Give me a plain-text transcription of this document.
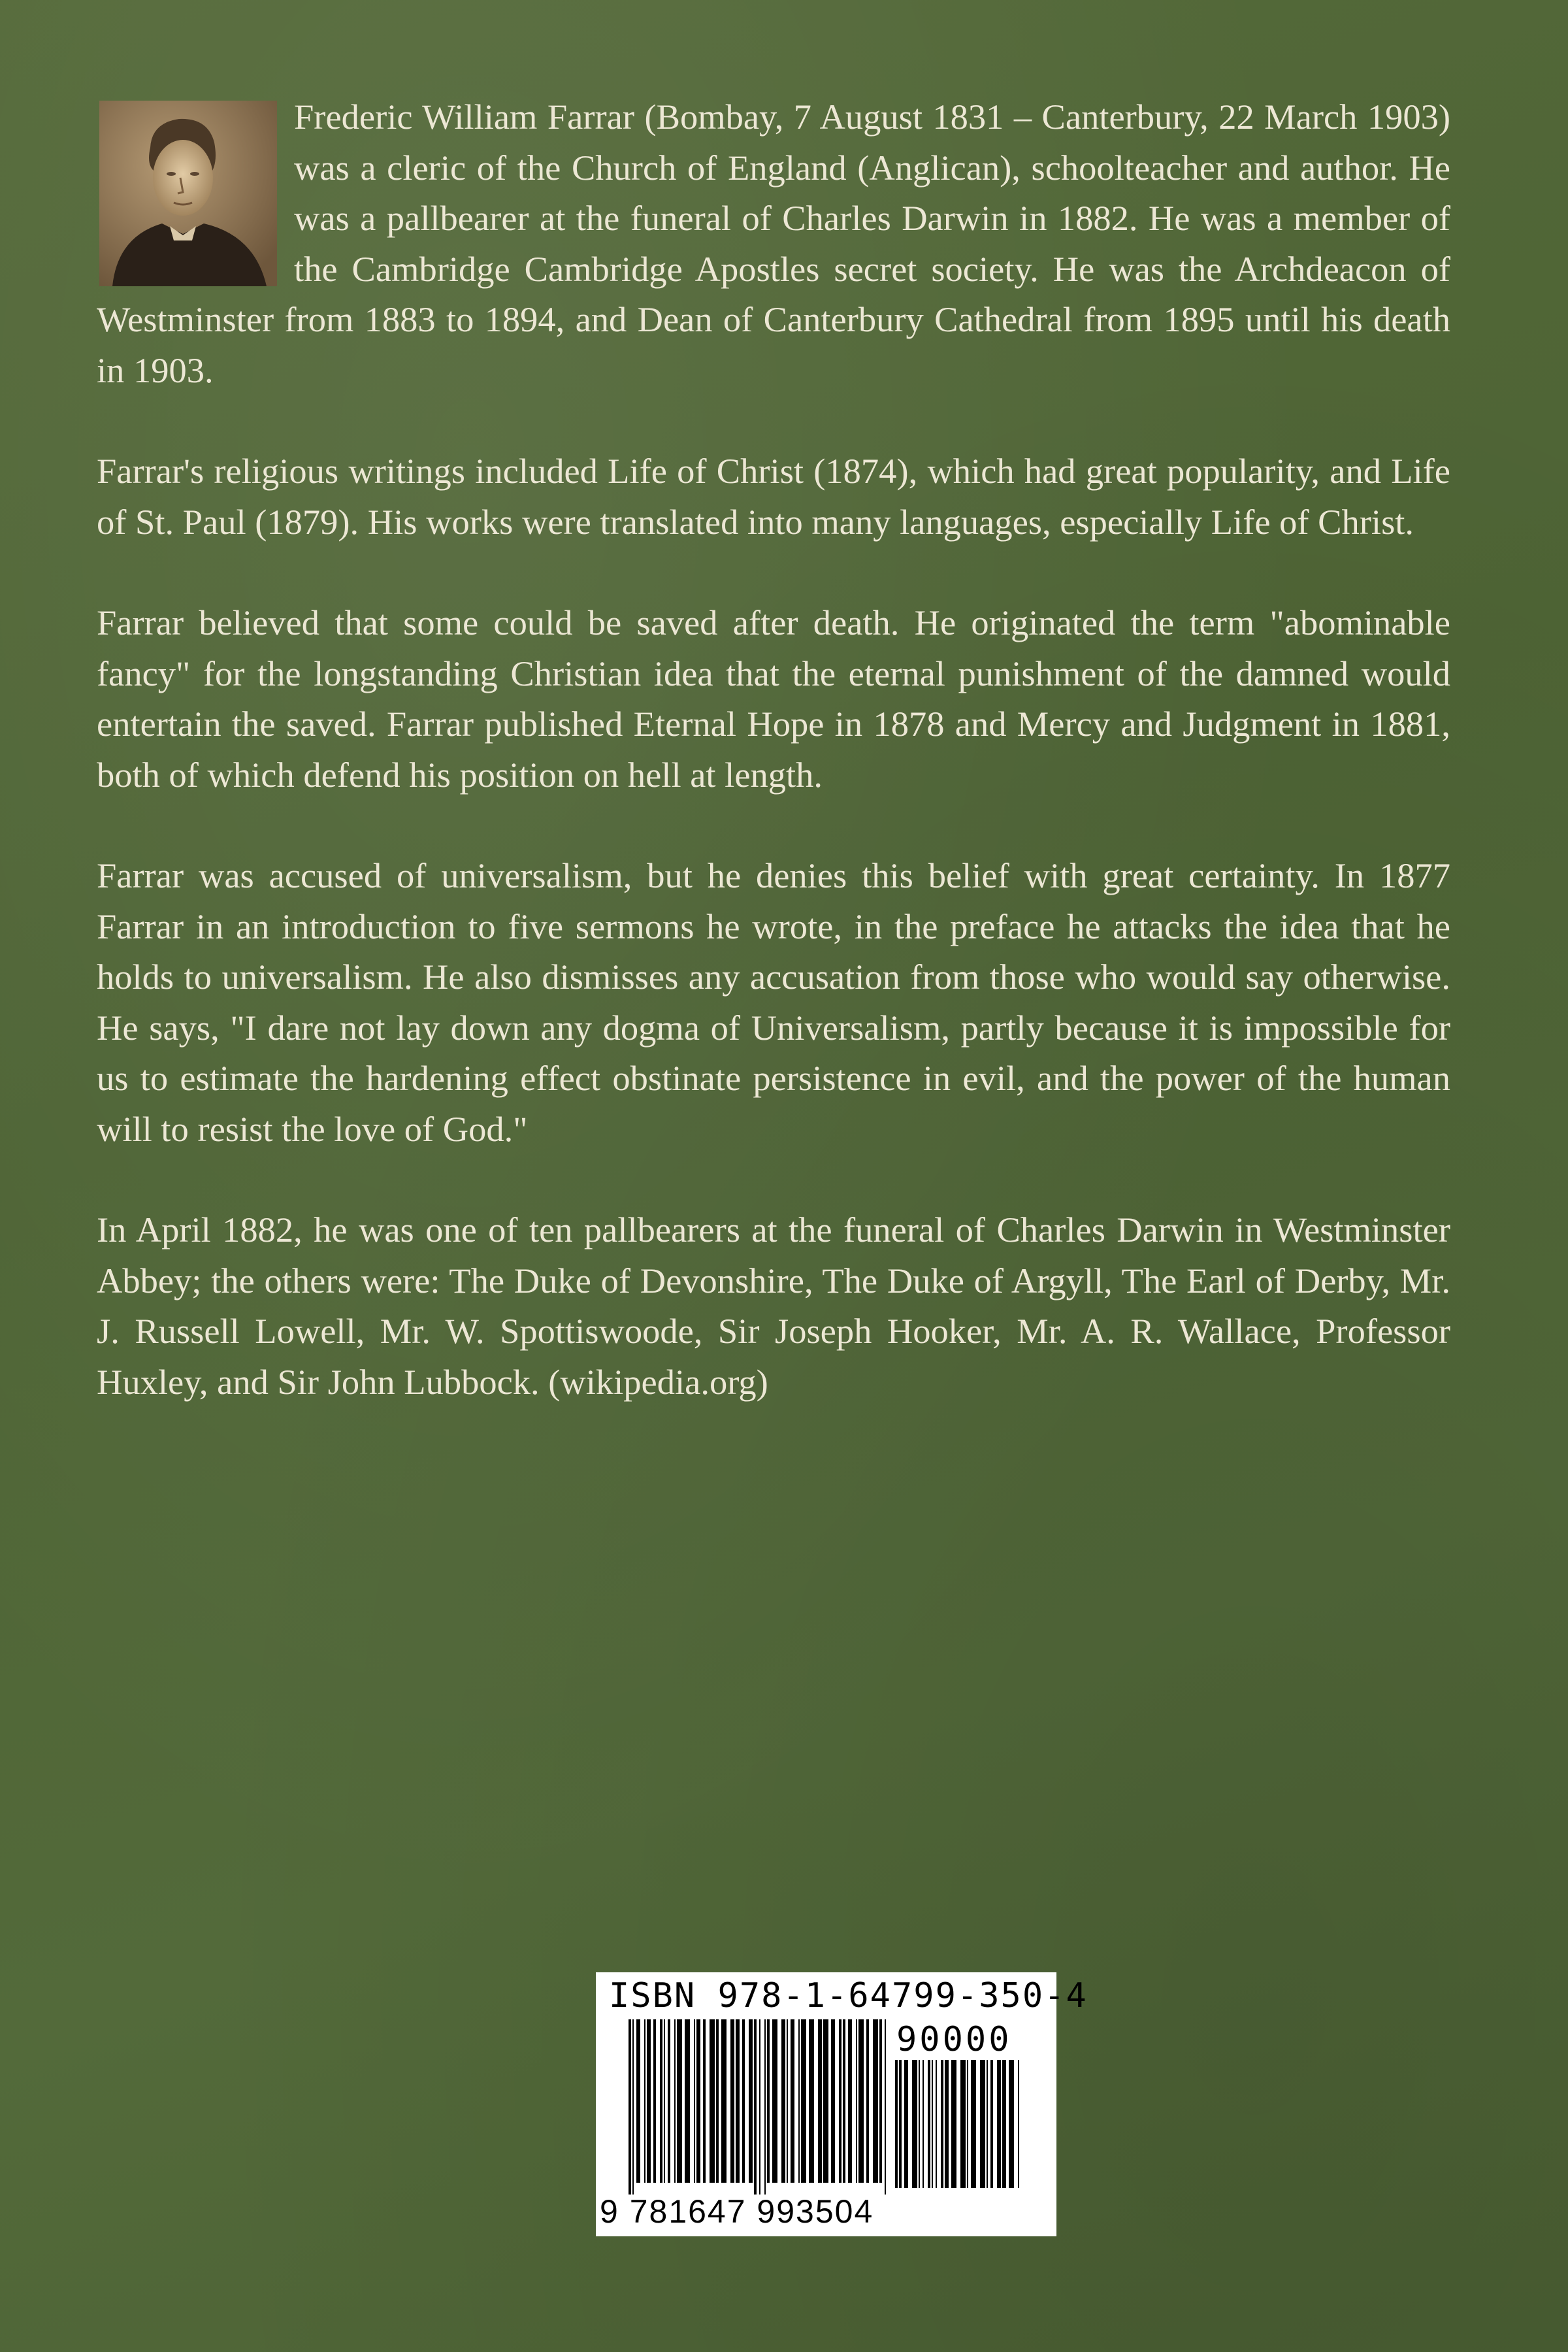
Frederic William Farrar (Bombay, 7 August 1831 – Canterbury, 22 March 1903) was a cleric of the Church of England (Anglican), schoolteacher and author. He was a pallbearer at the funeral of Charles Darwin in 1882. He was a member of the Cambridge Cambridge Apostles secret society. He was the Archdeacon of Westminster from 1883 to 1894, and Dean of Canterbury Cathedral from 1895 until his death in 1903.

Farrar's religious writings included Life of Christ (1874), which had great popularity, and Life of St. Paul (1879). His works were translated into many languages, especially Life of Christ.

Farrar believed that some could be saved after death. He originated the term "abominable fancy" for the longstanding Christian idea that the eternal punishment of the damned would entertain the saved. Farrar published Eternal Hope in 1878 and Mercy and Judgment in 1881, both of which defend his position on hell at length.

Farrar was accused of universalism, but he denies this belief with great certainty. In 1877 Farrar in an introduction to five sermons he wrote, in the preface he attacks the idea that he holds to universalism. He also dismisses any accusation from those who would say otherwise. He says, "I dare not lay down any dogma of Universalism, partly because it is impossible for us to estimate the hardening effect obstinate persistence in evil, and the power of the human will to resist the love of God."

In April 1882, he was one of ten pallbearers at the funeral of Charles Darwin in Westminster Abbey; the others were: The Duke of Devonshire, The Duke of Argyll, The Earl of Derby, Mr. J. Russell Lowell, Mr. W. Spottiswoode, Sir Joseph Hooker, Mr. A. R. Wallace, Professor Huxley, and Sir John Lubbock. (wikipedia.org)

ISBN 978-1-64799-350-4
90000
9 781647 993504
